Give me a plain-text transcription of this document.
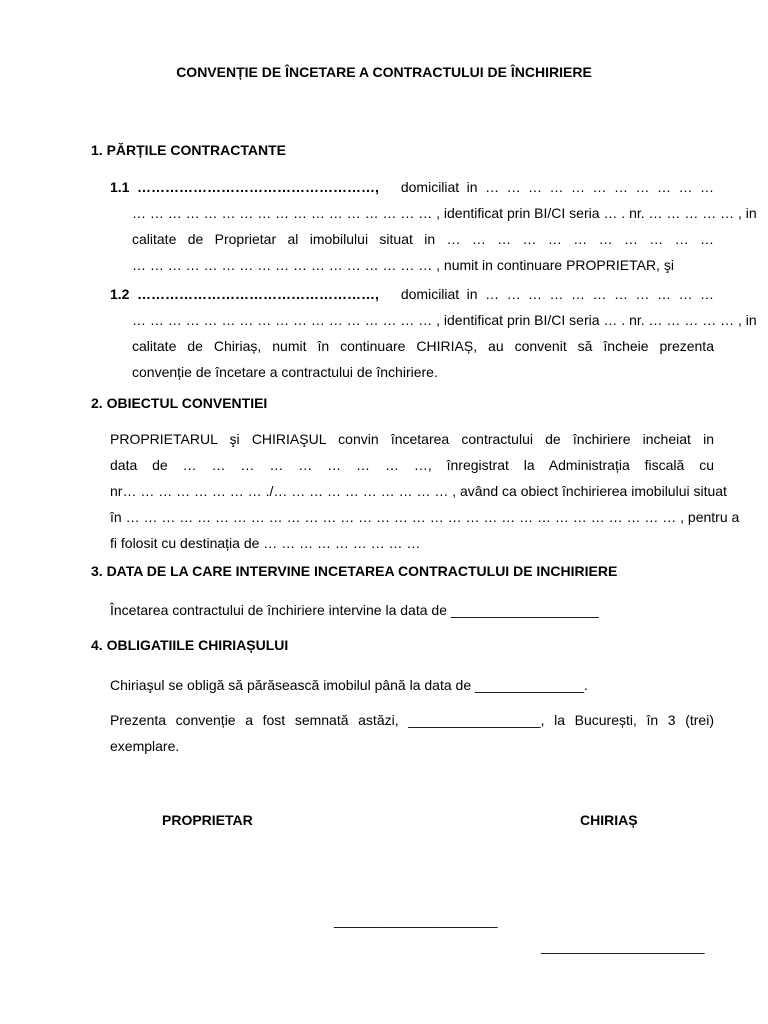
CONVENȚIE DE ÎNCETARE A CONTRACTULUI DE ÎNCHIRIERE
1. PĂRȚILE CONTRACTANTE
1.1 ……………………………………………, domiciliat in … … … … … … … … … … …
… … … … … … … … … … … … … … … … … , identificat prin BI/CI seria … . nr. … … … … … , in
calitate de Proprietar al imobilului situat in … … … … … … … … … … …
… … … … … … … … … … … … … … … … … , numit in continuare PROPRIETAR, şi
1.2 ……………………………………………, domiciliat in … … … … … … … … … … …
… … … … … … … … … … … … … … … … … , identificat prin BI/CI seria … . nr. … … … … … , in
calitate de Chiriaș, numit în continuare CHIRIAȘ, au convenit să încheie prezenta
convenție de încetare a contractului de închiriere.
2. OBIECTUL CONVENTIEI
PROPRIETARUL şi CHIRIAŞUL convin încetarea contractului de închiriere incheiat in
data de … … … … … … … … …, înregistrat la Administrația fiscală cu
nr… … … … … … … … ./… … … … … … … … … … , având ca obiect închirierea imobilului situat
în … … … … … … … … … … … … … … … … … … … … … … … … … … … … … … … , pentru a
fi folosit cu destinația de … … … … … … … … …
3. DATA DE LA CARE INTERVINE INCETAREA CONTRACTULUI DE INCHIRIERE
Încetarea contractului de închiriere intervine la data de ___________________
4. OBLIGATIILE CHIRIAȘULUI
Chiriaşul se obligă să părăsească imobilul până la data de ______________.
Prezenta convenție a fost semnată astăzi, _________________, la București, în 3 (trei)
exemplare.
PROPRIETAR	CHIRIAȘ
_____________________
_____________________
